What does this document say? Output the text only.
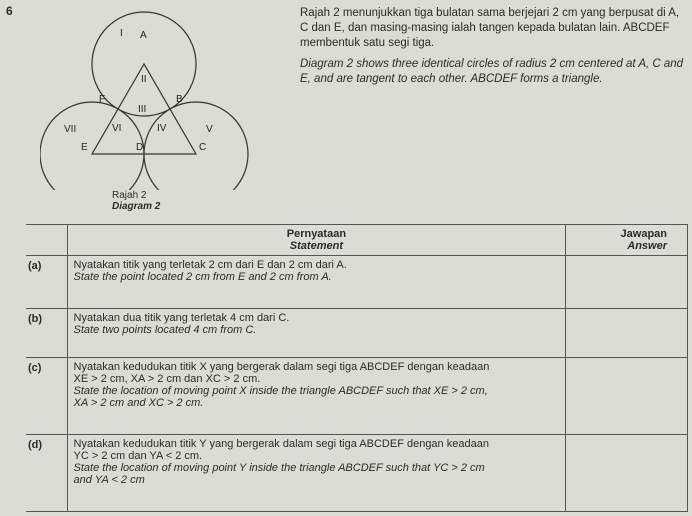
6	Rajah 2 menunjukkan tiga bulatan sama berjejari 2 cm yang berpusat di A, C dan E, dan masing-masing ialah tangen kepada bulatan lain. ABCDEF membentuk satu segi tiga.

Diagram 2 shows three identical circles of radius 2 cm centered at A, C and E, and are tangent to each other. ABCDEF forms a triangle.

A
B
C
D
E
F
I
II
III
IV	V
VI
VII
Rajah 2
Diagram 2

	Pernyataan
Statement	Jawapan
Answer

(a)	Nyatakan titik yang terletak 2 cm dari E dan 2 cm dari A.
State the point located 2 cm from E and 2 cm from A.	

(b)	Nyatakan dua titik yang terletak 4 cm dari C.
State two points located 4 cm from C.	

(c)	Nyatakan kedudukan titik X yang bergerak dalam segi tiga ABCDEF dengan keadaan
XE > 2 cm, XA > 2 cm dan XC > 2 cm.
State the location of moving point X inside the triangle ABCDEF such that XE > 2 cm,
XA > 2 cm and XC > 2 cm.	

(d)	Nyatakan kedudukan titik Y yang bergerak dalam segi tiga ABCDEF dengan keadaan
YC > 2 cm dan YA < 2 cm.
State the location of moving point Y inside the triangle ABCDEF such that YC > 2 cm
and YA < 2 cm	
